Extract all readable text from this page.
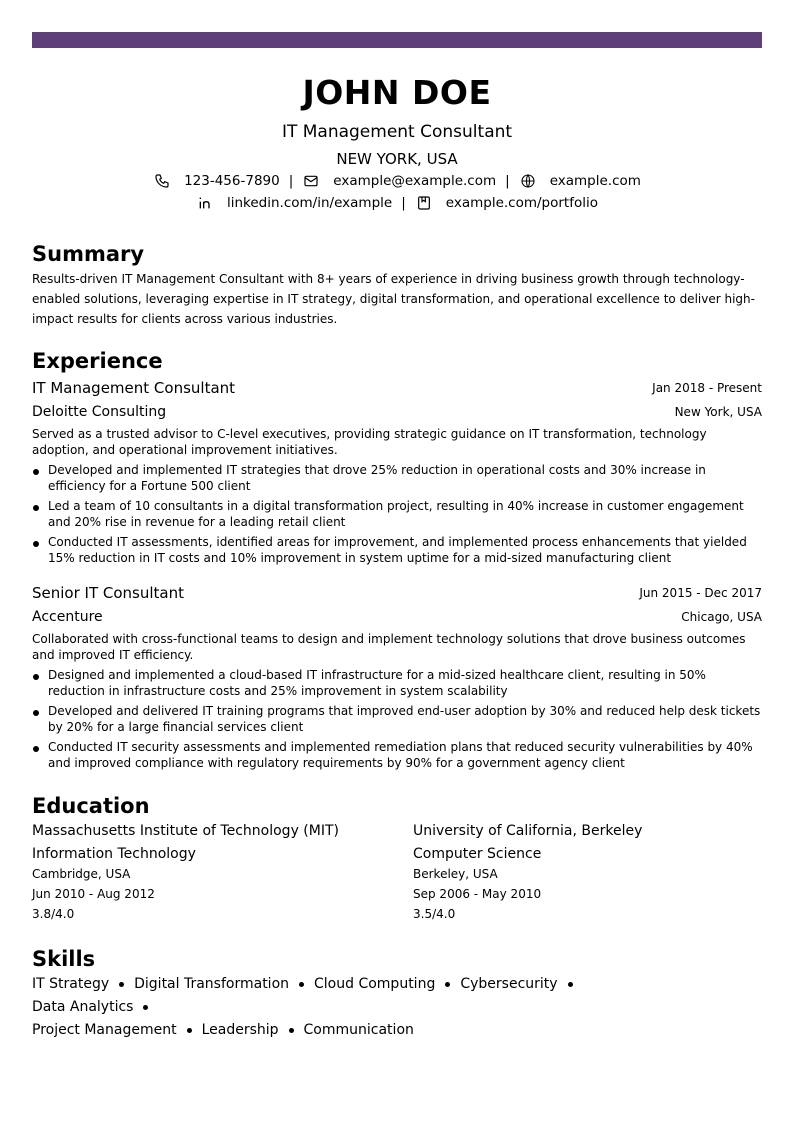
JOHN DOE
IT Management Consultant
NEW YORK, USA
123-456-7890 |	example@example.com |	example.com
linkedin.com/in/example |	example.com/portfolio
Summary
Results-driven IT Management Consultant with 8+ years of experience in driving business growth through technology-enabled solutions, leveraging expertise in IT strategy, digital transformation, and operational excellence to deliver high-impact results for clients across various industries.
Experience
IT Management Consultant	Jan 2018 - Present
Deloitte Consulting	New York, USA
Served as a trusted advisor to C-level executives, providing strategic guidance on IT transformation, technology adoption, and operational improvement initiatives.
Developed and implemented IT strategies that drove 25% reduction in operational costs and 30% increase in efficiency for a Fortune 500 client
Led a team of 10 consultants in a digital transformation project, resulting in 40% increase in customer engagement and 20% rise in revenue for a leading retail client
Conducted IT assessments, identified areas for improvement, and implemented process enhancements that yielded 15% reduction in IT costs and 10% improvement in system uptime for a mid-sized manufacturing client
Senior IT Consultant	Jun 2015 - Dec 2017
Accenture	Chicago, USA
Collaborated with cross-functional teams to design and implement technology solutions that drove business outcomes and improved IT efficiency.
Designed and implemented a cloud-based IT infrastructure for a mid-sized healthcare client, resulting in 50% reduction in infrastructure costs and 25% improvement in system scalability
Developed and delivered IT training programs that improved end-user adoption by 30% and reduced help desk tickets by 20% for a large financial services client
Conducted IT security assessments and implemented remediation plans that reduced security vulnerabilities by 40% and improved compliance with regulatory requirements by 90% for a government agency client
Education
Massachusetts Institute of Technology (MIT)
Information Technology
Cambridge, USA
Jun 2010 - Aug 2012
3.8/4.0
University of California, Berkeley
Computer Science
Berkeley, USA
Sep 2006 - May 2010
3.5/4.0
Skills
IT Strategy Digital Transformation Cloud Computing CybersecurityData Analytics
Project Management Leadership Communication
